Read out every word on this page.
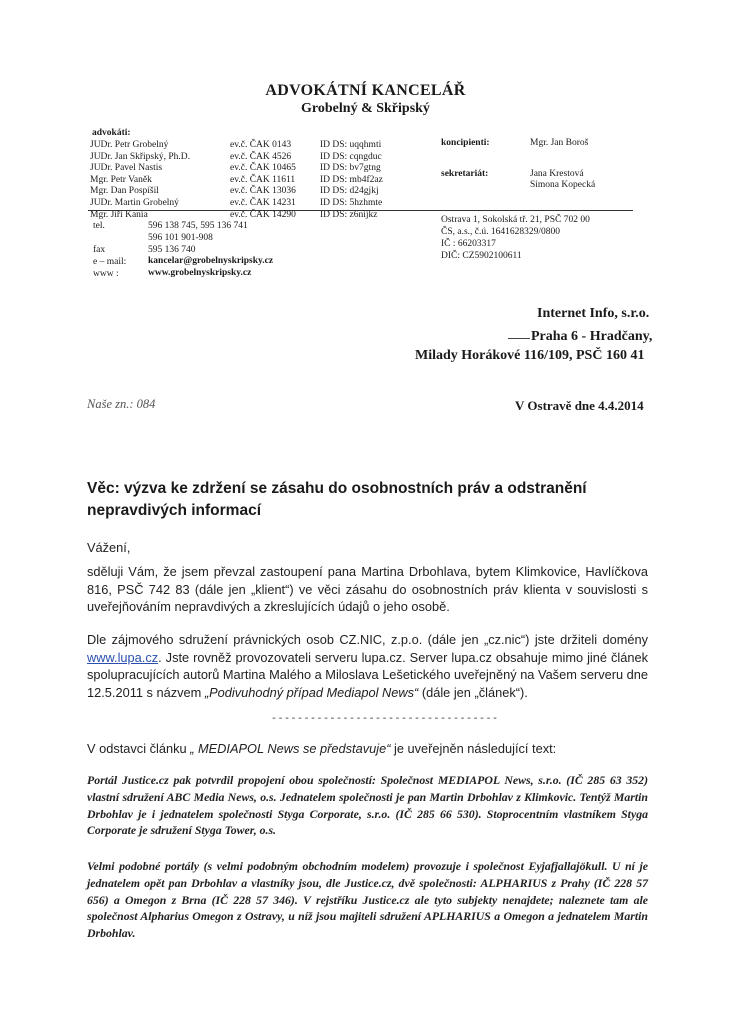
ADVOKÁTNÍ KANCELÁŘ
Grobelný & Skřipský
advokáti:
JUDr. Petr Grobelný	ev.č. ČAK 0143	ID DS: uqqhmti
JUDr. Jan Skřipský, Ph.D.	ev.č. ČAK 4526	ID DS: cqngduc
JUDr. Pavel Nastis	ev.č. ČAK 10465	ID DS: bv7gtng
Mgr. Petr Vaněk	ev.č. ČAK 11611	ID DS: mb4f2az
Mgr. Dan Pospíšil	ev.č. ČAK 13036	ID DS: d24gjkj
JUDr. Martin Grobelný	ev.č. ČAK 14231	ID DS: 5hzhmte
Mgr. Jiří Kania	ev.č. ČAK 14290	ID DS: z6nijkz
koncipienti:	Mgr. Jan Boroš
sekretariát:	Jana Krestová
Simona Kopecká
tel.	596 138 745, 595 136 741
596 101 901-908
fax	595 136 740
e – mail: kancelar@grobelnyskripsky.cz
www :	www.grobelnyskripsky.cz
Ostrava 1, Sokolská tř. 21, PSČ 702 00
ČS, a.s., č.ú. 1641628329/0800
IČ : 66203317
DIČ: CZ5902100611
Internet Info, s.r.o.
Praha 6 - Hradčany,
Milady Horákové 116/109, PSČ 160 41
Naše zn.: 084	V Ostravě dne 4.4.2014
Věc: výzva ke zdržení se zásahu do osobnostních práv a odstranění nepravdivých informací
Vážení,
sděluji Vám, že jsem převzal zastoupení pana Martina Drbohlava, bytem Klimkovice, Havlíčkova 816, PSČ 742 83 (dále jen „klient“) ve věci zásahu do osobnostních práv klienta v souvislosti s uveřejňováním nepravdivých a zkreslujících údajů o jeho osobě.
Dle zájmového sdružení právnických osob CZ.NIC, z.p.o. (dále jen „cz.nic“) jste držiteli domény www.lupa.cz. Jste rovněž provozovateli serveru lupa.cz. Server lupa.cz obsahuje mimo jiné článek spolupracujících autorů Martina Malého a Miloslava Lešetického uveřejněný na Vašem serveru dne 12.5.2011 s názvem „Podivuhodný případ Mediapol News“ (dále jen „článek“).
-----------------------------------
V odstavci článku „ MEDIAPOL News se představuje“ je uveřejněn následující text:
Portál Justice.cz pak potvrdil propojení obou společností: Společnost MEDIAPOL News, s.r.o. (IČ 285 63 352) vlastní sdružení ABC Media News, o.s. Jednatelem společnosti je pan Martin Drbohlav z Klimkovic. Tentýž Martin Drbohlav je i jednatelem společnosti Styga Corporate, s.r.o. (IČ 285 66 530). Stoprocentním vlastníkem Styga Corporate je sdružení Styga Tower, o.s.
Velmi podobné portály (s velmi podobným obchodním modelem) provozuje i společnost Eyjafjallajökull. U ní je jednatelem opět pan Drbohlav a vlastníky jsou, dle Justice.cz, dvě společnosti: ALPHARIUS z Prahy (IČ 228 57 656) a Omegon z Brna (IČ 228 57 346). V rejstříku Justice.cz ale tyto subjekty nenajdete; naleznete tam ale společnost Alpharius Omegon z Ostravy, u níž jsou majiteli sdružení APLHARIUS a Omegon a jednatelem Martin Drbohlav.
